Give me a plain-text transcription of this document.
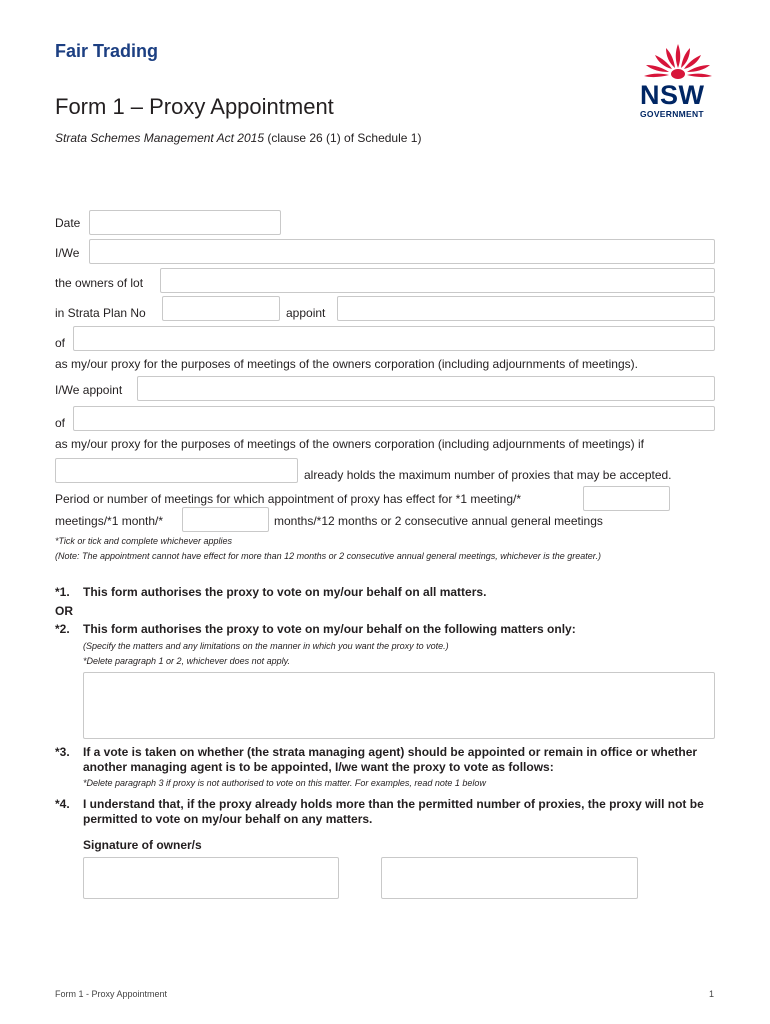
Fair Trading
Form 1 – Proxy Appointment
Strata Schemes Management Act 2015 (clause 26 (1) of Schedule 1)
NSW
GOVERNMENT
Date
I/We
the owners of lot
in Strata Plan No	appoint
of
as my/our proxy for the purposes of meetings of the owners corporation (including adjournments of meetings).
I/We appoint
of
as my/our proxy for the purposes of meetings of the owners corporation (including adjournments of meetings) if
already holds the maximum number of proxies that may be accepted.
Period or number of meetings for which appointment of proxy has effect for *1 meeting/*
meetings/*1 month/*	months/*12 months or 2 consecutive annual general meetings
*Tick or tick and complete whichever applies
(Note: The appointment cannot have effect for more than 12 months or 2 consecutive annual general meetings, whichever is the greater.)
*1. This form authorises the proxy to vote on my/our behalf on all matters.
OR
*2. This form authorises the proxy to vote on my/our behalf on the following matters only:
(Specify the matters and any limitations on the manner in which you want the proxy to vote.)
*Delete paragraph 1 or 2, whichever does not apply.
*3. If a vote is taken on whether (the strata managing agent) should be appointed or remain in office or whether another managing agent is to be appointed, I/we want the proxy to vote as follows:
*Delete paragraph 3 if proxy is not authorised to vote on this matter. For examples, read note 1 below
*4. I understand that, if the proxy already holds more than the permitted number of proxies, the proxy will not be permitted to vote on my/our behalf on any matters.
Signature of owner/s
Form 1 - Proxy Appointment	1
